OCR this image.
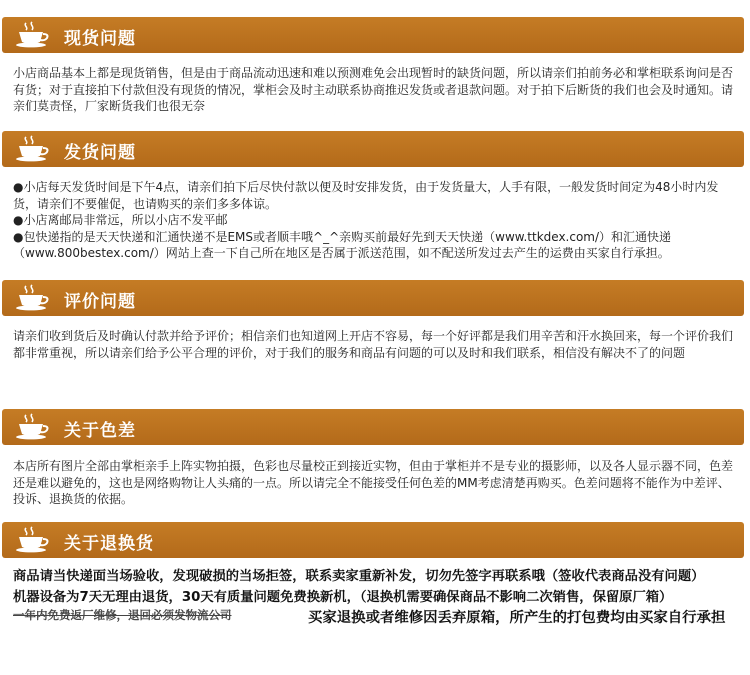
现货问题

小店商品基本上都是现货销售，但是由于商品流动迅速和难以预测难免会出现暂时的缺货问题，所以请亲们拍前务必和掌柜联系询问是否有货；对于直接拍下付款但没有现货的情况，掌柜会及时主动联系协商推迟发货或者退款问题。对于拍下后断货的我们也会及时通知。请亲们莫责怪，厂家断货我们也很无奈

发货问题

●小店每天发货时间是下午4点，请亲们拍下后尽快付款以便及时安排发货，由于发货量大，人手有限，一般发货时间定为48小时内发货，请亲们不要催促，也请购买的亲们多多体谅。

●小店离邮局非常远，所以小店不发平邮

●包快递指的是天天快递和汇通快递不是EMS或者顺丰哦^_^亲购买前最好先到天天快递（www.ttkdex.com/）和汇通快递（www.800bestex.com/）网站上查一下自己所在地区是否属于派送范围，如不配送所发过去产生的运费由买家自行承担。

评价问题

请亲们收到货后及时确认付款并给予评价；相信亲们也知道网上开店不容易，每一个好评都是我们用辛苦和汗水换回来，每一个评价我们都非常重视，所以请亲们给予公平合理的评价，对于我们的服务和商品有问题的可以及时和我们联系，相信没有解决不了的问题

关于色差

本店所有图片全部由掌柜亲手上阵实物拍摄，色彩也尽量校正到接近实物，但由于掌柜并不是专业的摄影师，以及各人显示器不同，色差还是难以避免的，这也是网络购物让人头痛的一点。所以请完全不能接受任何色差的MM考虑清楚再购买。色差问题将不能作为中差评、投诉、退换货的依据。

关于退换货
商品请当快递面当场验收，发现破损的当场拒签，联系卖家重新补发，切勿先签字再联系哦（签收代表商品没有问题）
机器设备为7天无理由退货，30天有质量问题免费换新机，（退换机需要确保商品不影响二次销售，保留原厂箱）
一年内免费返厂维修，退回必须发物流公司	买家退换或者维修因丢弃原箱，所产生的打包费均由买家自行承担
